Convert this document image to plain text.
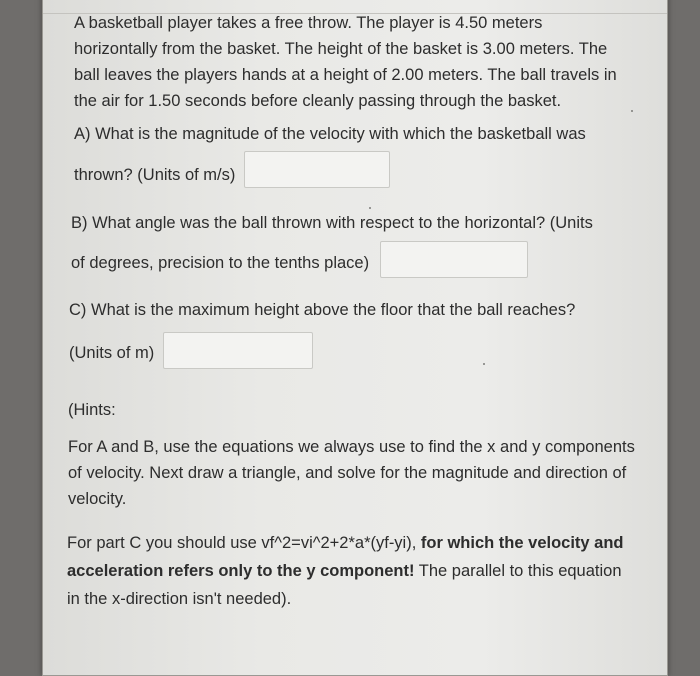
A basketball player takes a free throw. The player is 4.50 meters horizontally from the basket. The height of the basket is 3.00 meters. The ball leaves the players hands at a height of 2.00 meters. The ball travels in the air for 1.50 seconds before cleanly passing through the basket.
A) What is the magnitude of the velocity with which the basketball was
thrown? (Units of m/s)
B) What angle was the ball thrown with respect to the horizontal? (Units
of degrees, precision to the tenths place)
C) What is the maximum height above the floor that the ball reaches?
(Units of m)
(Hints:
For A and B, use the equations we always use to find the x and y components of velocity. Next draw a triangle, and solve for the magnitude and direction of velocity.
For part C you should use vf^2=vi^2+2*a*(yf-yi), for which the velocity and acceleration refers only to the y component! The parallel to this equation in the x-direction isn't needed).
